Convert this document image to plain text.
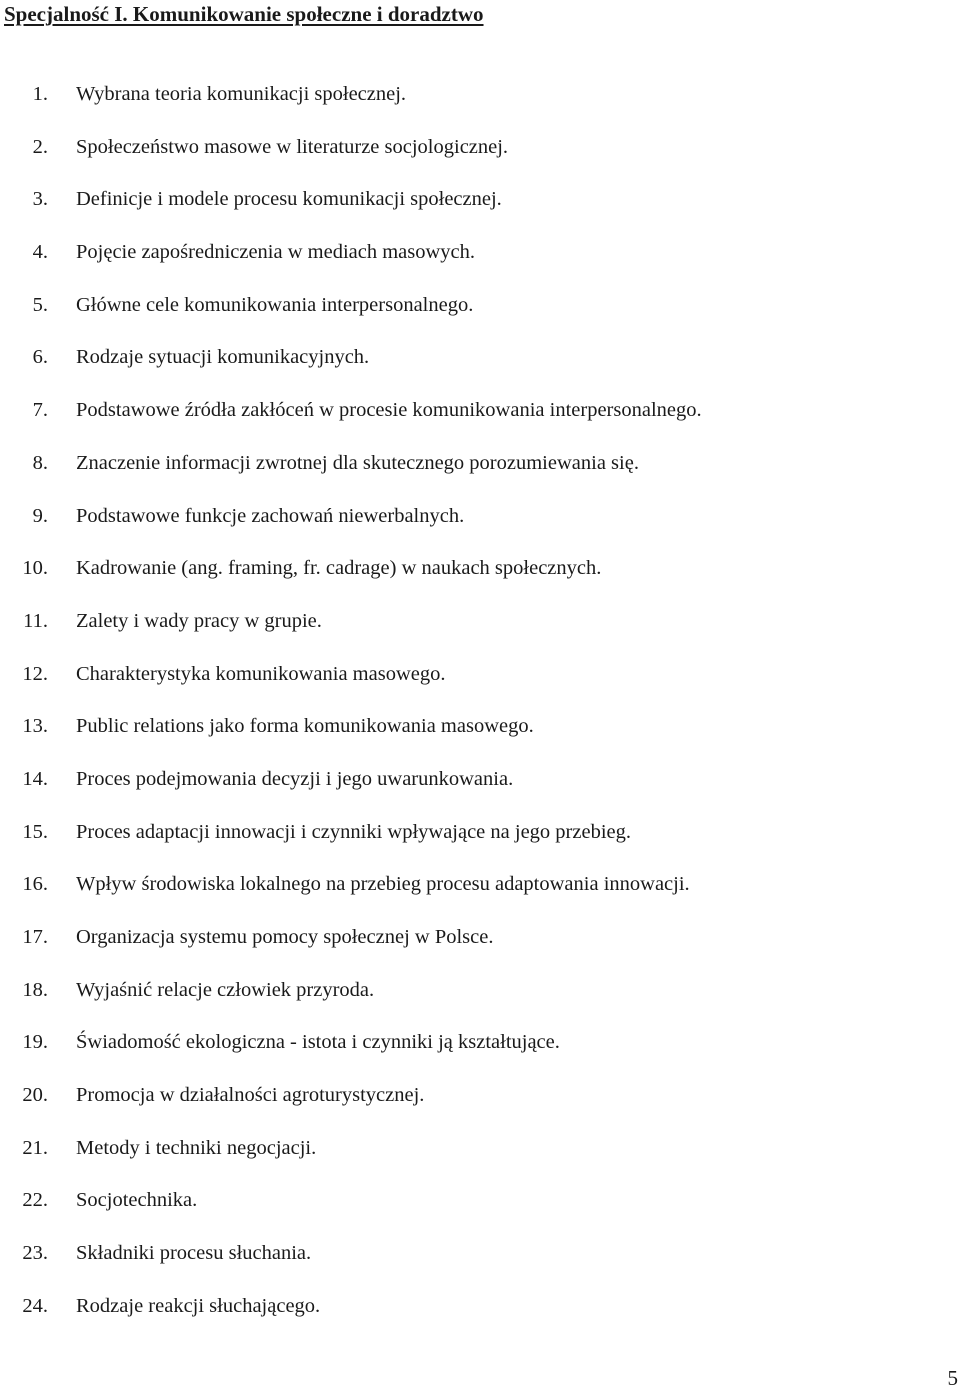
Specjalność I. Komunikowanie społeczne i doradztwo
1. Wybrana teoria komunikacji społecznej.
2. Społeczeństwo masowe w literaturze socjologicznej.
3. Definicje i modele procesu komunikacji społecznej.
4. Pojęcie zapośredniczenia w mediach masowych.
5. Główne cele komunikowania interpersonalnego.
6. Rodzaje sytuacji komunikacyjnych.
7. Podstawowe źródła zakłóceń w procesie komunikowania interpersonalnego.
8. Znaczenie informacji zwrotnej dla skutecznego porozumiewania się.
9. Podstawowe funkcje zachowań niewerbalnych.
10. Kadrowanie (ang. framing, fr. cadrage) w naukach społecznych.
11. Zalety i wady pracy w grupie.
12. Charakterystyka komunikowania masowego.
13. Public relations jako forma komunikowania masowego.
14. Proces podejmowania decyzji i jego uwarunkowania.
15. Proces adaptacji innowacji i czynniki wpływające na jego przebieg.
16. Wpływ środowiska lokalnego na przebieg procesu adaptowania innowacji.
17. Organizacja systemu pomocy społecznej w Polsce.
18. Wyjaśnić relacje człowiek przyroda.
19. Świadomość ekologiczna - istota i czynniki ją kształtujące.
20. Promocja w działalności agroturystycznej.
21. Metody i techniki negocjacji.
22. Socjotechnika.
23. Składniki procesu słuchania.
24. Rodzaje reakcji słuchającego.
5
